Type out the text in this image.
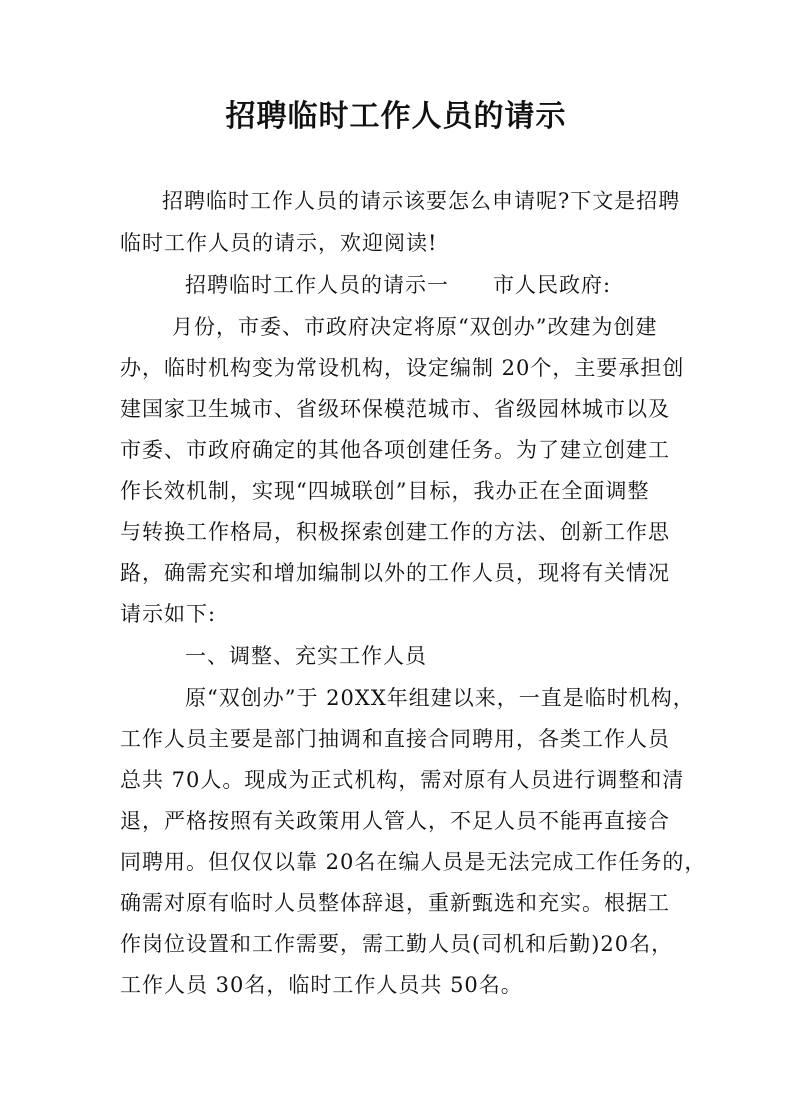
招聘临时工作人员的请示
招聘临时工作人员的请示该要怎么申请呢?下文是招聘
临时工作人员的请示，欢迎阅读!
招聘临时工作人员的请示一　　市人民政府:
月份，市委、市政府决定将原“双创办”改建为创建
办，临时机构变为常设机构，设定编制 20个，主要承担创
建国家卫生城市、省级环保模范城市、省级园林城市以及
市委、市政府确定的其他各项创建任务。为了建立创建工
作长效机制，实现“四城联创”目标，我办正在全面调整
与转换工作格局，积极探索创建工作的方法、创新工作思
路，确需充实和增加编制以外的工作人员，现将有关情况
请示如下:
一、调整、充实工作人员
原“双创办”于 20XX年组建以来，一直是临时机构，
工作人员主要是部门抽调和直接合同聘用，各类工作人员
总共 70人。现成为正式机构，需对原有人员进行调整和清
退，严格按照有关政策用人管人，不足人员不能再直接合
同聘用。但仅仅以靠 20名在编人员是无法完成工作任务的，
确需对原有临时人员整体辞退，重新甄选和充实。根据工
作岗位设置和工作需要，需工勤人员(司机和后勤)20名，
工作人员 30名，临时工作人员共 50名。
